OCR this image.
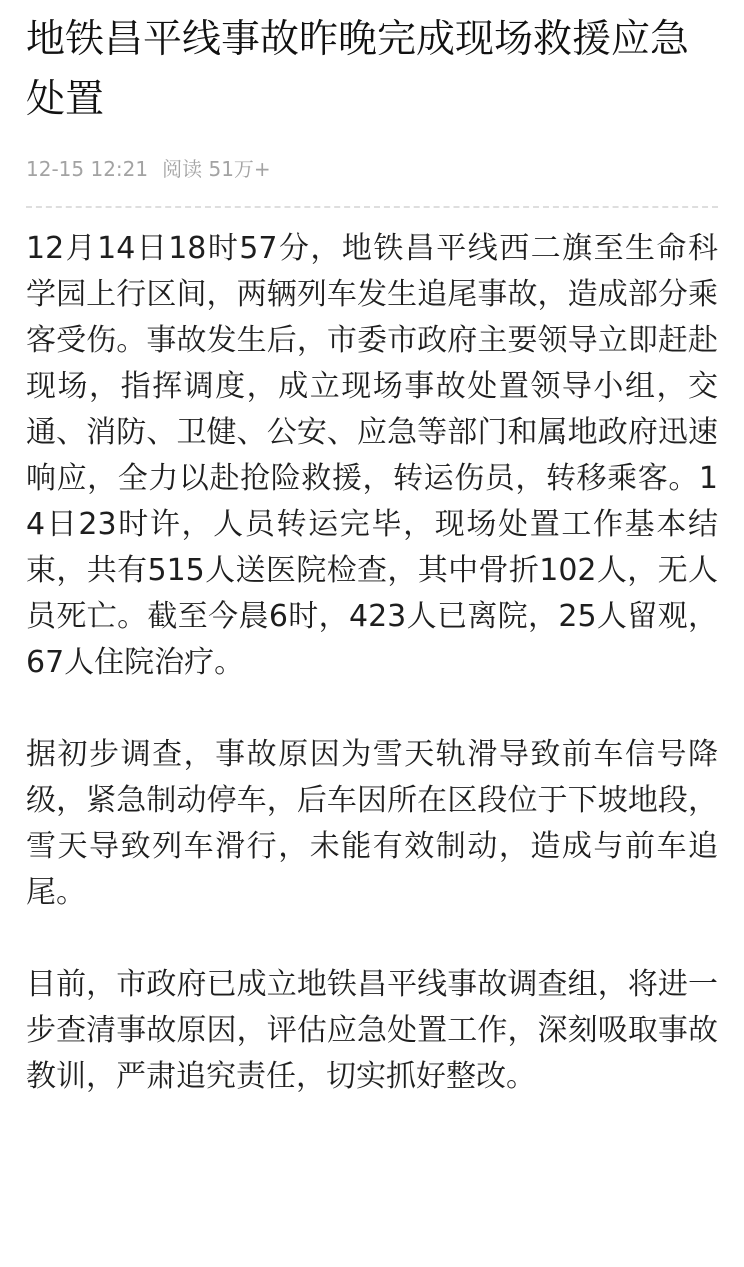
地铁昌平线事故昨晚完成现场救援应急处置
12-15 12:21 阅读 51万+

12月14日18时57分，地铁昌平线西二旗至生命科学园上行区间，两辆列车发生追尾事故，造成部分乘客受伤。事故发生后，市委市政府主要领导立即赶赴现场，指挥调度，成立现场事故处置领导小组，交通、消防、卫健、公安、应急等部门和属地政府迅速响应，全力以赴抢险救援，转运伤员，转移乘客。14日23时许，人员转运完毕，现场处置工作基本结束，共有515人送医院检查，其中骨折102人，无人员死亡。截至今晨6时，423人已离院，25人留观，67人住院治疗。

据初步调查，事故原因为雪天轨滑导致前车信号降级，紧急制动停车，后车因所在区段位于下坡地段，雪天导致列车滑行，未能有效制动，造成与前车追尾。

目前，市政府已成立地铁昌平线事故调查组，将进一步查清事故原因，评估应急处置工作，深刻吸取事故教训，严肃追究责任，切实抓好整改。
